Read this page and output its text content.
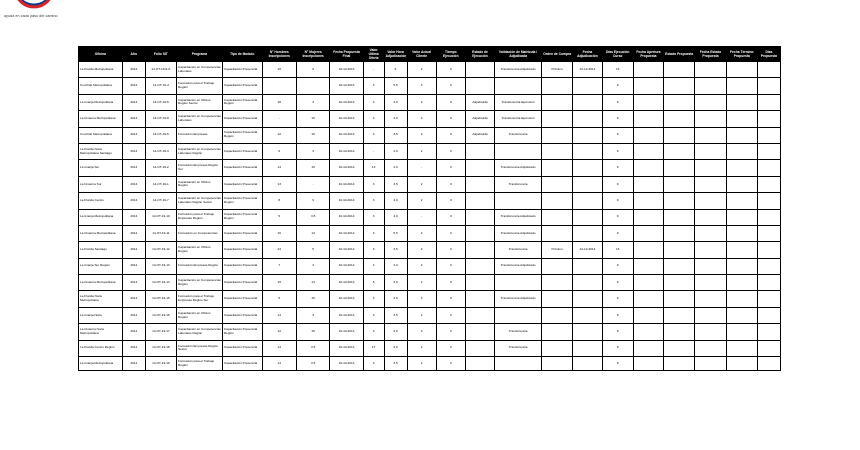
ayuda en cada paso del camino
Oficina	Año	Folio SIT	Programa	Tipo de Modulo	N° Hombres Inscripciones	N° Mujeres Inscripciones	Fecha Propuesta Final	Valor Ultima Oferta	Valor Hora Adjudicación	Valor Actual Cliente	Tiempo Ejecución	Estado de Ejecución	Validación de Matrícula / Adjudicada	Orden de Compra	Fecha Adjudicación	Días Ejecución Curso	Fecha Apertura Propuesta	Estado Propuesta	Fecha Estado Propuesta	Fecha Término Propuesta	Días Propuesta
La Florida Metropolitana	2014	14-OT-19-9-A	Capacitación en Competencias Laborales	Capacitación Presencial	15	9	10-10-2014	-	6	2	0		Transferencia Adjudicado	Próximo	12-12-2014	13					
Conchalí Metropolitana	2014	14-OT-19-4	Formación para el Trabajo Región	Capacitación Presencial			10-10-2014	3	5,5	3	0					9					
La Granja Metropolitana	2014	14-OT-19-6	Capacitación en Oficios Región Sector	Capacitación Presencial Región	18	3	10-10-2014	3	4,0	2	0	Adjudicada	Transferencia Ejecución			9					
La Cisterna Metropolitana	2014	14-OT-19-8	Capacitación en Competencias Laborales	Capacitación Presencial	-	15	10-10-2014	3	4,0	3	0	Adjudicada	Transferencia Ejecución			9					
Conchalí Metropolitana	2014	14-OT-19-5	Formación Empresas	Capacitación Presencial Región	12	16	10-10-2014	3	3,5	2	0	Adjudicada	Transferencia			9					
La Florida Norte Metropolitana Santiago	2014	14-OT-19-3	Capacitación en Competencias Laborales Región	Capacitación Presencial	6	3	10-10-2014	-	4,0	2	0					9					
La Granja Sur	2014	14-OT-19-2	Formación Empresas Región Sur	Capacitación Presencial	14	15	10-10-2014	13	4,0	-	0		Transferencia Adjudicado			9					
La Cisterna Sur	2014	14-OT-19-1	Capacitación en Oficios Región	Capacitación Presencial	13	-	10-10-2014	3	3,5	2	0		Transferencia			9					
La Florida Centro	2014	14-OT-19-7	Capacitación en Competencias Laborales Región Sector	Capacitación Presencial Región	8	9	10-10-2014	3	4,0	2	0					9					
La Granja Metropolitana	2014	14-OT-19-10	Formación para el Trabajo Empresas Región	Capacitación Presencial Región	5	3,5	10-10-2014	3	4,0	-	0		Transferencia Adjudicado			9					
La Cisterna Metropolitana	2014	14-OT-19-11	Formación en Competencias	Capacitación Presencial	16	13	10-10-2014	3	5,5	2	0		Transferencia Adjudicado			9					
La Florida Santiago	2014	14-OT-19-12	Capacitación en Oficios Región	Capacitación Presencial	24	5	10-10-2014	3	3,5	2	0		Transferencia	Próximo	12-12-2014	13					
La Granja Sur Región	2014	14-OT-19-13	Formación Empresas Región	Capacitación Presencial	7	3	10-10-2014	4	4,0	2	0		Transferencia Adjudicado			9					
La Cisterna Metropolitana	2014	14-OT-19-14	Capacitación en Competencias Región	Capacitación Presencial	15	13	10-10-2014	5	3,0	2	0					9					
La Florida Norte Metropolitana	2014	14-OT-19-15	Formación para el Trabajo Empresas Región Sur	Capacitación Presencial	5	16	10-10-2014	3	4,0	3	0		Transferencia Adjudicado			9					
La Granja Norte	2014	14-OT-19-16	Capacitación en Oficios Región	Capacitación Presencial	13	3	10-10-2014	3	3,5	2	0					9					
La Cisterna Norte Metropolitana	2014	14-OT-19-17	Capacitación en Competencias Laborales Región	Capacitación Presencial Región	12	15	10-10-2014	3	3,0	3	0		Transferencia			9					
La Florida Centro Región	2014	14-OT-19-18	Formación Empresas Región Sector	Capacitación Presencial	13	3,5	10-10-2014	17	3,0	2	0		Transferencia			9					
La Granja Metropolitana	2014	14-OT-19-19	Formación para el Trabajo Región	Capacitación Presencial	13	3,5	10-10-2014	3	3,5	2	0					9					
